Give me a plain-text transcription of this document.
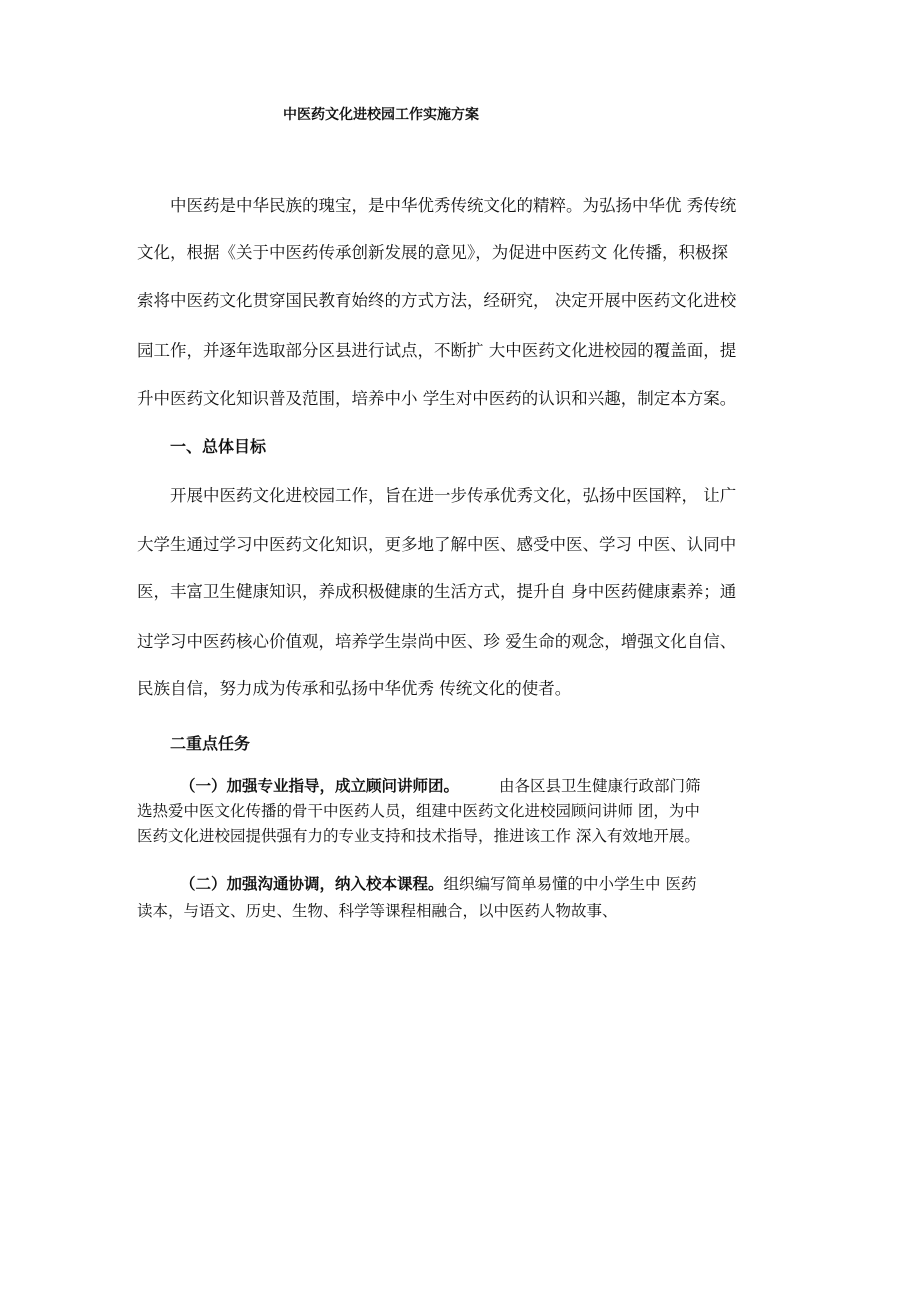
中医药文化进校园工作实施方案
中医药是中华民族的瑰宝，是中华优秀传统文化的精粹。为弘扬中华优 秀传统
文化，根据《关于中医药传承创新发展的意见》，为促进中医药文 化传播，积极探
索将中医药文化贯穿国民教育始终的方式方法，经研究， 决定开展中医药文化进校
园工作，并逐年选取部分区县进行试点，不断扩 大中医药文化进校园的覆盖面，提
升中医药文化知识普及范围，培养中小 学生对中医药的认识和兴趣，制定本方案。
一、总体目标
开展中医药文化进校园工作，旨在进一步传承优秀文化，弘扬中医国粹， 让广
大学生通过学习中医药文化知识，更多地了解中医、感受中医、学习 中医、认同中
医，丰富卫生健康知识，养成积极健康的生活方式，提升自 身中医药健康素养；通
过学习中医药核心价值观，培养学生崇尚中医、珍 爱生命的观念，增强文化自信、
民族自信，努力成为传承和弘扬中华优秀 传统文化的使者。
二重点任务
（一）加强专业指导，成立顾问讲师团。	由各区县卫生健康行政部门筛
选热爱中医文化传播的骨干中医药人员，组建中医药文化进校园顾问讲师 团，为中
医药文化进校园提供强有力的专业支持和技术指导，推进该工作 深入有效地开展。
（二）加强沟通协调，纳入校本课程。组织编写简单易懂的中小学生中 医药
读本，与语文、历史、生物、科学等课程相融合，以中医药人物故事、
